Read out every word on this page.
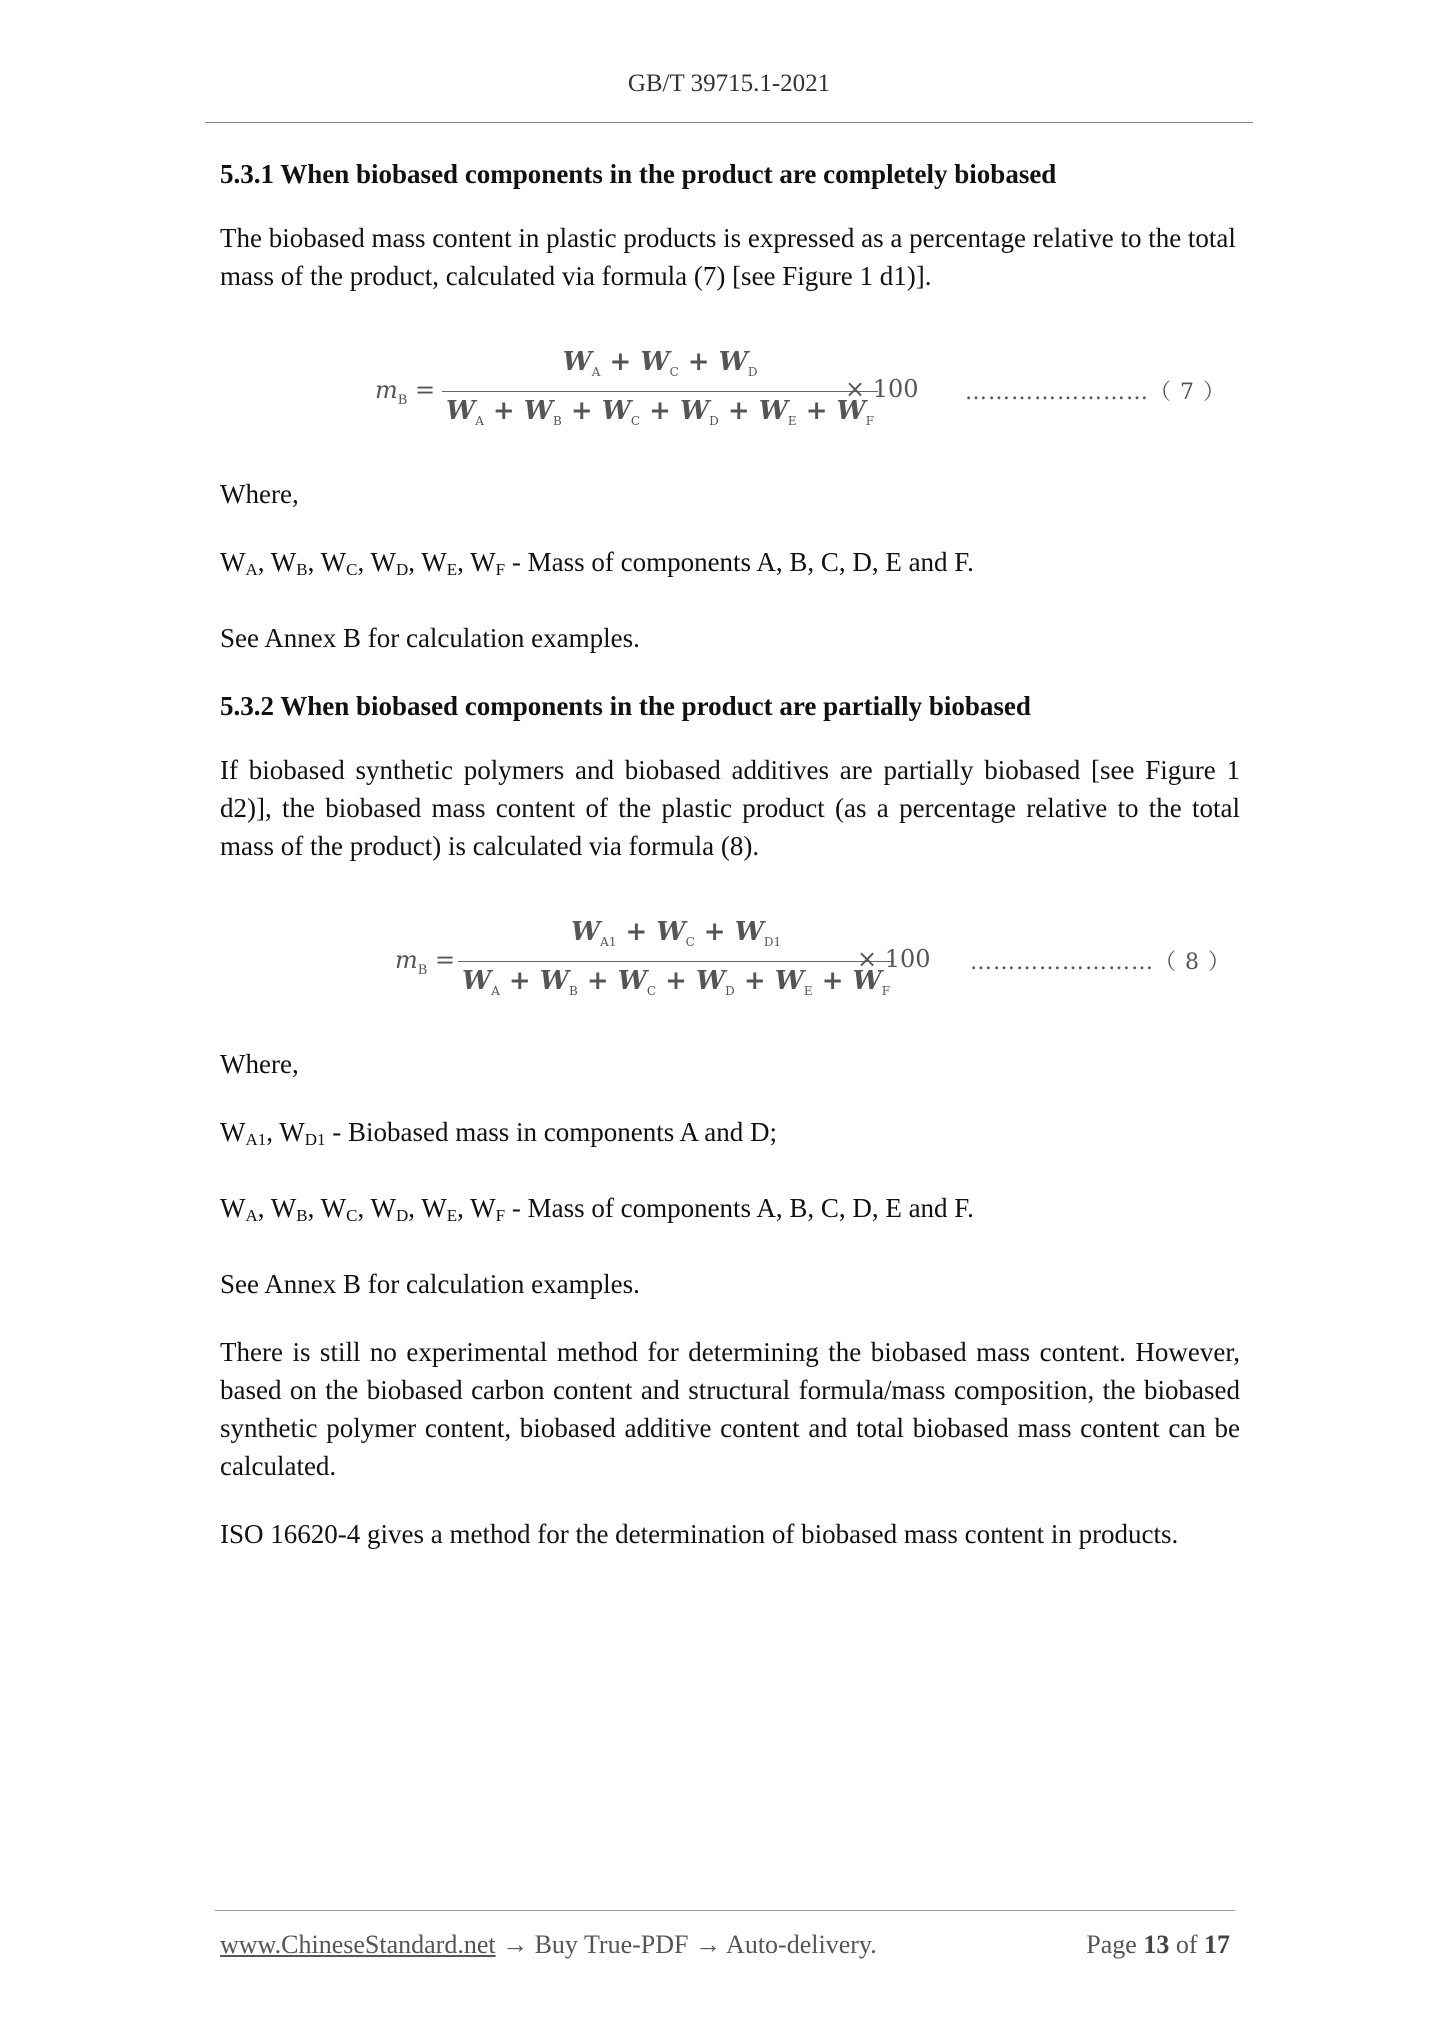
GB/T 39715.1-2021
5.3.1 When biobased components in the product are completely biobased

The biobased mass content in plastic products is expressed as a percentage relative to the total mass of the product, calculated via formula (7) [see Figure 1 d1)].

$m_B$ =
$W_A + W_C + W_D$
$W_A + W_B + W_C + W_D + W_E + W_F$
× 100 ……………………（ 7 ）

Where,

$W_A$, $W_B$, $W_C$, $W_D$, $W_E$, $W_F$ - Mass of components A, B, C, D, E and F.

See Annex B for calculation examples.

5.3.2 When biobased components in the product are partially biobased

If biobased synthetic polymers and biobased additives are partially biobased [see Figure 1 d2)], the biobased mass content of the plastic product (as a percentage relative to the total mass of the product) is calculated via formula (8).

$m_B$ =
$W_{A1} + W_C + W_{D1}$
$W_A + W_B + W_C + W_D + W_E + W_F$
× 100 ……………………（ 8 ）

Where,

$W_{A1}$, $W_{D1}$ - Biobased mass in components A and D;

$W_A$, $W_B$, $W_C$, $W_D$, $W_E$, $W_F$ - Mass of components A, B, C, D, E and F.

See Annex B for calculation examples.

There is still no experimental method for determining the biobased mass content. However, based on the biobased carbon content and structural formula/mass composition, the biobased synthetic polymer content, biobased additive content and total biobased mass content can be calculated.

ISO 16620-4 gives a method for the determination of biobased mass content in products.

www.ChineseStandard.net → Buy True-PDF → Auto-delivery.	Page 13 of 17
